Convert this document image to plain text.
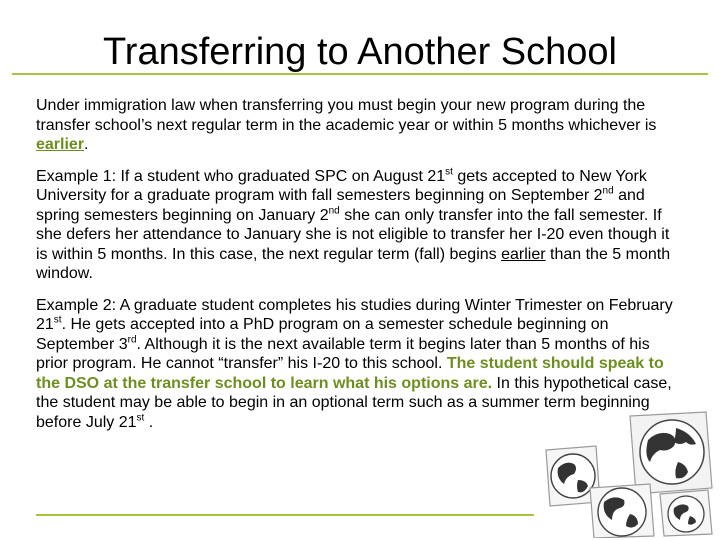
Transferring to Another School

Under immigration law when transferring you must begin your new program during the transfer school’s next regular term in the academic year or within 5 months whichever is earlier.

Example 1: If a student who graduated SPC on August 21st gets accepted to New York University for a graduate program with fall semesters beginning on September 2nd and spring semesters beginning on January 2nd she can only transfer into the fall semester. If she defers her attendance to January she is not eligible to transfer her I-20 even though it is within 5 months. In this case, the next regular term (fall) begins earlier than the 5 month window.

Example 2: A graduate student completes his studies during Winter Trimester on February 21st. He gets accepted into a PhD program on a semester schedule beginning on September 3rd. Although it is the next available term it begins later than 5 months of his prior program. He cannot “transfer” his I-20 to this school. The student should speak to the DSO at the transfer school to learn what his options are. In this hypothetical case, the student may be able to begin in an optional term such as a summer term beginning before July 21st .
